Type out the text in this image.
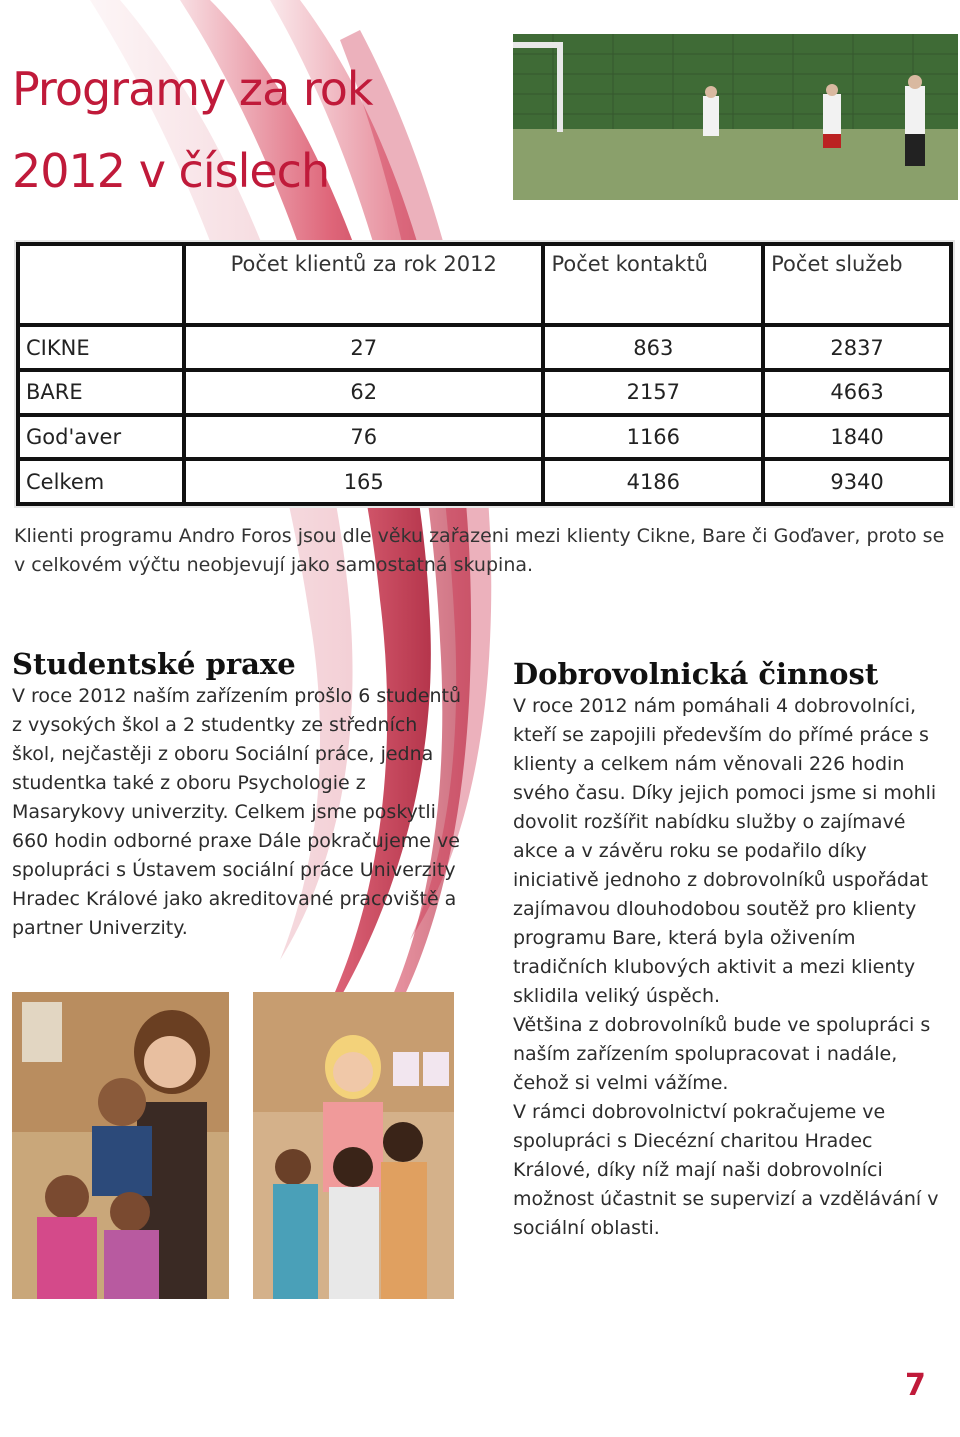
Programy za rok
2012 v číslech
	Počet klientů za rok 2012	Počet kontaktů	Počet služeb
CIKNE	27	863	2837
BARE	62	2157	4663
God'aver	76	1166	1840
Celkem	165	4186	9340

Klienti programu Andro Foros jsou dle věku zařazeni mezi klienty Cikne, Bare či Goďaver, proto se v celkovém výčtu neobjevují jako samostatná skupina.

Studentské praxe

V roce 2012 naším zařízením prošlo 6 studentů z vysokých škol a 2 studentky ze středních škol, nejčastěji z oboru Sociální práce, jedna studentka také z oboru Psychologie z Masarykovy univerzity. Celkem jsme poskytli 660 hodin odborné praxe Dále pokračujeme ve spolupráci s Ústavem sociální práce Univerzity Hradec Králové jako akreditované pracoviště a partner Univerzity.

Dobrovolnická činnost

V roce 2012 nám pomáhali 4 dobrovolníci, kteří se zapojili především do přímé práce s klienty a celkem nám věnovali 226 hodin svého času. Díky jejich pomoci jsme si mohli dovolit rozšířit nabídku služby o zajímavé akce a v závěru roku se podařilo díky iniciativě jednoho z dobrovolníků uspořádat zajímavou dlouhodobou soutěž pro klienty programu Bare, která byla oživením tradičních klubových aktivit a mezi klienty sklidila veliký úspěch.

Většina z dobrovolníků bude ve spolupráci s naším zařízením spolupracovat i nadále, čehož si velmi vážíme.

V rámci dobrovolnictví pokračujeme ve spolupráci s Diecézní charitou Hradec Králové, díky níž mají naši dobrovolníci možnost účastnit se supervizí a vzdělávání v sociální oblasti.

7
